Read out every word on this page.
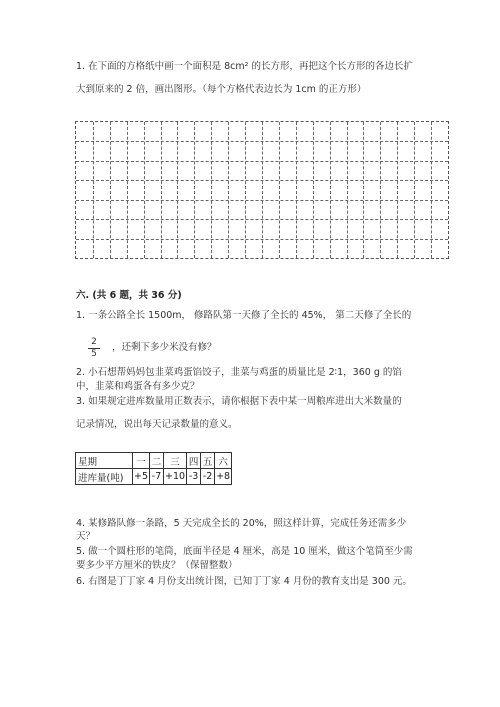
1. 在下面的方格纸中画一个面积是 8cm² 的长方形，再把这个长方形的各边长扩
大到原来的 2 倍，画出图形。（每个方格代表边长为 1cm 的正方形）
六. (共 6 题，共 36 分)
1. 一条公路全长 1500m， 修路队第一天修了全长的 45%， 第二天修了全长的
$\frac{2}{5}$ ，还剩下多少米没有修？
2. 小石想帮妈妈包韭菜鸡蛋馅饺子，韭菜与鸡蛋的质量比是 2∶1，360 g 的馅
中，韭菜和鸡蛋各有多少克？
3. 如果规定进库数量用正数表示，请你根据下表中某一周粮库进出大米数量的
记录情况，说出每天记录数量的意义。
星期	一	二	三	四	五	六
进库量(吨)	+5	-7	+10	-3	-2	+8
4. 某修路队修一条路，5 天完成全长的 20%，照这样计算，完成任务还需多少
天？
5. 做一个圆柱形的笔筒，底面半径是 4 厘米，高是 10 厘米，做这个笔筒至少需
要多少平方厘米的铁皮？（保留整数）
6. 右图是丁丁家 4 月份支出统计图，已知丁丁家 4 月份的教育支出是 300 元。
